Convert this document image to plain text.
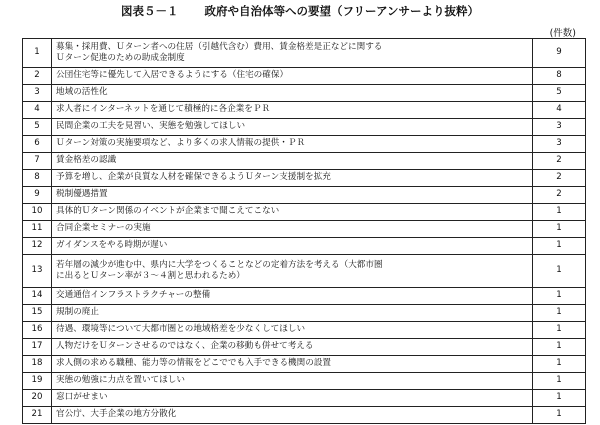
図表５－１ 政府や自治体等への要望（フリーアンサーより抜粋）
(件数)
1	募集・採用費、Ｕターン者への住居（引越代含む）費用、賃金格差是正などに関する
Ｕターン促進のための助成金制度	9
2	公団住宅等に優先して入居できるようにする（住宅の確保）	8
3	地域の活性化	5
4	求人者にインターネットを通じて積極的に各企業をＰＲ	4
5	民間企業の工夫を見習い、実態を勉強してほしい	3
6	Ｕターン対策の実施要項など、より多くの求人情報の提供・ＰＲ	3
7	賃金格差の認識	2
8	予算を増し、企業が良質な人材を確保できるようＵターン支援制を拡充	2
9	税制優遇措置	2
10	具体的Ｕターン関係のイベントが企業まで聞こえてこない	1
11	合同企業セミナーの実施	1
12	ガイダンスをやる時期が遅い	1
13	若年層の減少が進む中、県内に大学をつくることなどの定着方法を考える（大都市圏
に出るとＵターン率が３～４割と思われるため）	1
14	交通通信インフラストラクチャーの整備	1
15	規制の廃止	1
16	待遇、環境等について大都市圏との地域格差を少なくしてほしい	1
17	人物だけをＵターンさせるのではなく、企業の移動も併せて考える	1
18	求人側の求める職種、能力等の情報をどこででも入手できる機関の設置	1
19	実態の勉強に力点を置いてほしい	1
20	窓口がせまい	1
21	官公庁、大手企業の地方分散化	1
